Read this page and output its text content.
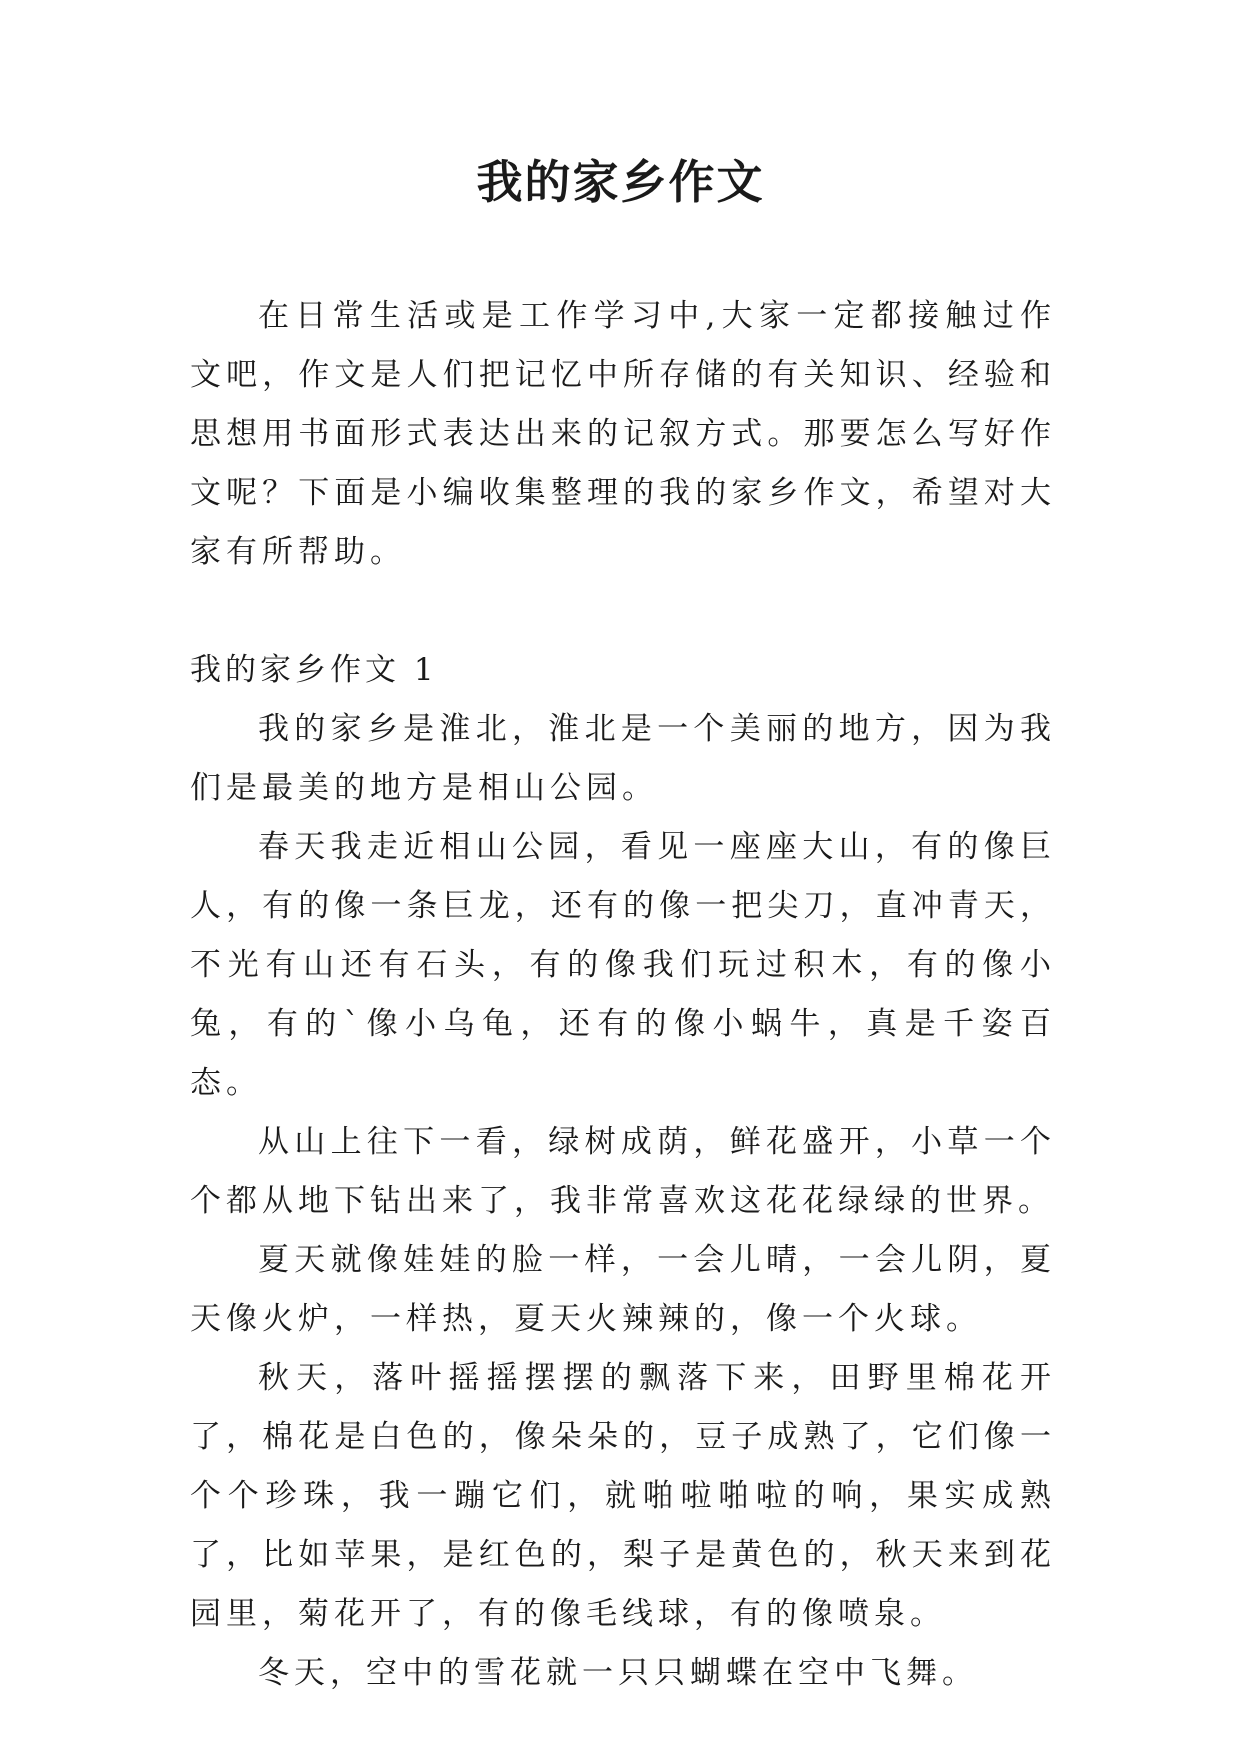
我的家乡作文

在日常生活或是工作学习中,大家一定都接触过作文吧，作文是人们把记忆中所存储的有关知识、经验和思想用书面形式表达出来的记叙方式。那要怎么写好作文呢？下面是小编收集整理的我的家乡作文，希望对大家有所帮助。

我的家乡作文 1

我的家乡是淮北，淮北是一个美丽的地方，因为我们是最美的地方是相山公园。

春天我走近相山公园，看见一座座大山，有的像巨人，有的像一条巨龙，还有的像一把尖刀，直冲青天，不光有山还有石头，有的像我们玩过积木，有的像小兔，有的`像小乌龟，还有的像小蜗牛，真是千姿百态。

从山上往下一看，绿树成荫，鲜花盛开，小草一个个都从地下钻出来了，我非常喜欢这花花绿绿的世界。

夏天就像娃娃的脸一样，一会儿晴，一会儿阴，夏天像火炉，一样热，夏天火辣辣的，像一个火球。

秋天，落叶摇摇摆摆的飘落下来，田野里棉花开了，棉花是白色的，像朵朵的，豆子成熟了，它们像一个个珍珠，我一蹦它们，就啪啦啪啦的响，果实成熟了，比如苹果，是红色的，梨子是黄色的，秋天来到花园里，菊花开了，有的像毛线球，有的像喷泉。

冬天，空中的雪花就一只只蝴蝶在空中飞舞。
